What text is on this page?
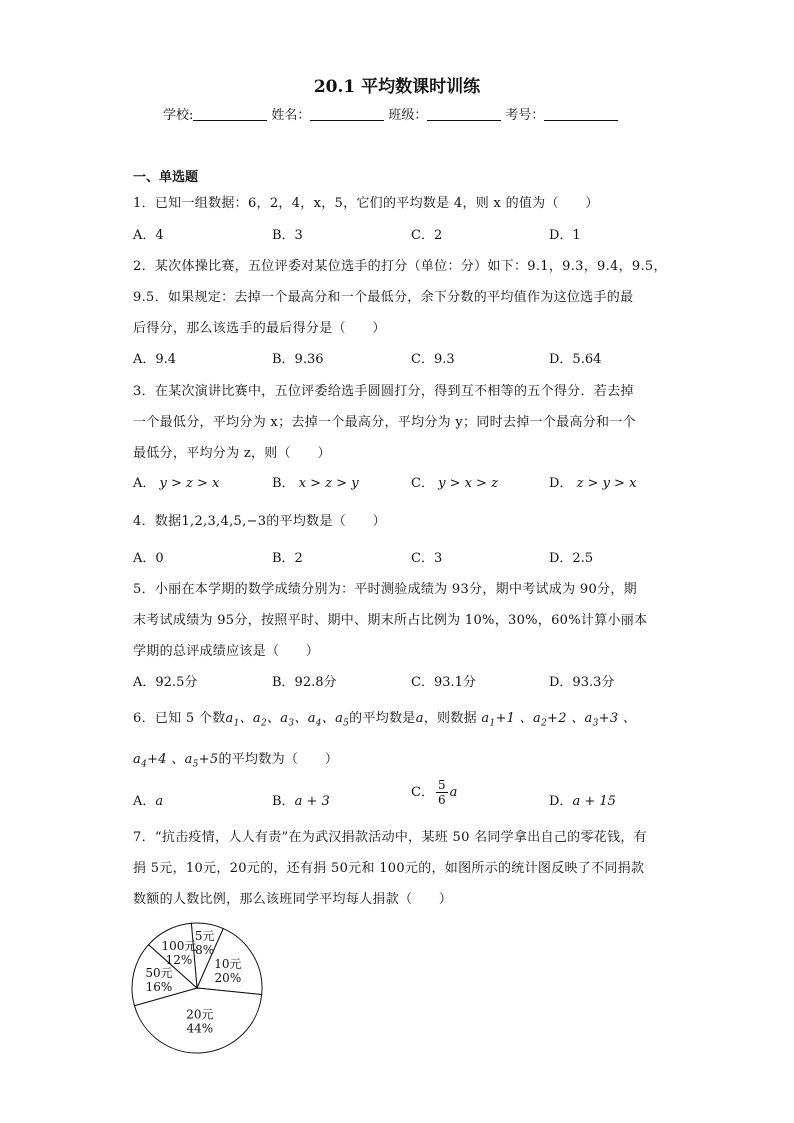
20.1 平均数课时训练
学校:	姓名：	班级：	考号：
一、单选题
1．已知一组数据：6，2，4，x，5，它们的平均数是 4，则 x 的值为（　　）
A．4	B．3	C．2	D．1
2．某次体操比赛，五位评委对某位选手的打分（单位：分）如下：9.1，9.3，9.4，9.5，
9.5．如果规定：去掉一个最高分和一个最低分，余下分数的平均值作为这位选手的最
后得分，那么该选手的最后得分是（　　）
A．9.4	B．9.36	C．9.3	D．5.64
3．在某次演讲比赛中，五位评委给选手圆圆打分，得到互不相等的五个得分．若去掉
一个最低分，平均分为 x；去掉一个最高分，平均分为 y；同时去掉一个最高分和一个
最低分，平均分为 z，则（　　）
A． y > z > x	B． x > z > y	C． y > x > z	D． z > y > x
4．数据1,2,3,4,5,−3的平均数是（　　）
A．0	B．2	C．3	D．2.5
5．小丽在本学期的数学成绩分别为：平时测验成绩为 93分，期中考试成为 90分，期
末考试成绩为 95分，按照平时、期中、期末所占比例为 10%，30%，60%计算小丽本
学期的总评成绩应该是（　　）
A．92.5分	B．92.8分	C．93.1分	D．93.3分
6．已知 5 个数$a_1$、$a_2$、$a_3$、$a_4$、$a_5$的平均数是a，则数据 $a_1+1$ 、$a_2+2$ 、$a_3+3$ 、
$a_4+4$ 、$a_5+5$的平均数为（　　）
A．a	B．a + 3
C． $\frac{5}{6}$ a
D．a + 15
7．“抗击疫情，人人有责”在为武汉捐款活动中，某班 50 名同学拿出自己的零花钱，有
捐 5元，10元，20元的，还有捐 50元和 100元的，如图所示的统计图反映了不同捐款
数额的人数比例，那么该班同学平均每人捐款（　　）
5元
8%
10元
20%
20元
44%
50元
16%
100元
12%
